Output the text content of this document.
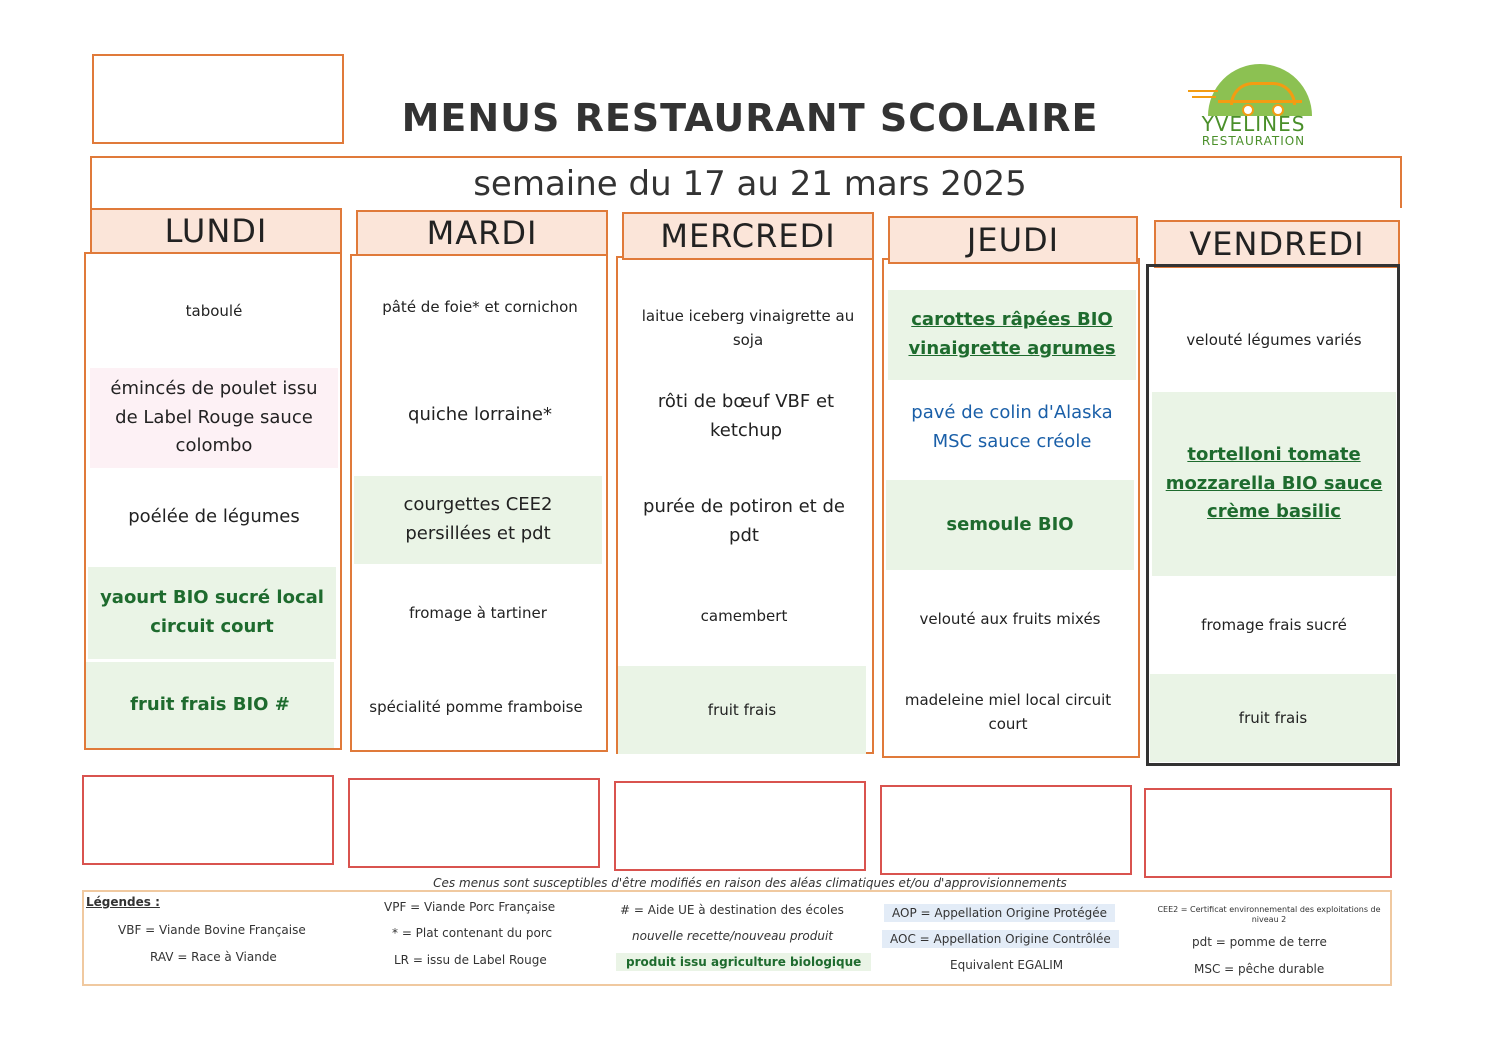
MENUS RESTAURANT SCOLAIRE	YVELINES
RESTAURATION
semaine du 17 au 21 mars 2025
LUNDI
taboulé
émincés de poulet issu de Label Rouge sauce colombo
poélée de légumes
yaourt BIO sucré local circuit court
fruit frais BIO #
MARDI
pâté de foie* et cornichon
quiche lorraine*
courgettes CEE2 persillées et pdt
fromage à tartiner
spécialité pomme framboise
MERCREDI
laitue iceberg vinaigrette au soja
rôti de bœuf VBF et ketchup
purée de potiron et de pdt
camembert
fruit frais
JEUDI
carottes râpées BIO vinaigrette agrumes
pavé de colin d'Alaska MSC sauce créole
semoule BIO
velouté aux fruits mixés
madeleine miel local circuit court
VENDREDI
velouté légumes variés
tortelloni tomate mozzarella BIO sauce crème basilic
fromage frais sucré
fruit frais
Ces menus sont susceptibles d'être modifiés en raison des aléas climatiques et/ou d'approvisionnements
Légendes :
VBF = Viande Bovine Française
RAV = Race à Viande
VPF = Viande Porc Française
* = Plat contenant du porc
LR = issu de Label Rouge
# = Aide UE à destination des écoles
nouvelle recette/nouveau produit
produit issu agriculture biologique
AOP = Appellation Origine Protégée
AOC = Appellation Origine Contrôlée
Equivalent EGALIM
CEE2 = Certificat environnemental des exploitations de niveau 2
pdt = pomme de terre
MSC = pêche durable
